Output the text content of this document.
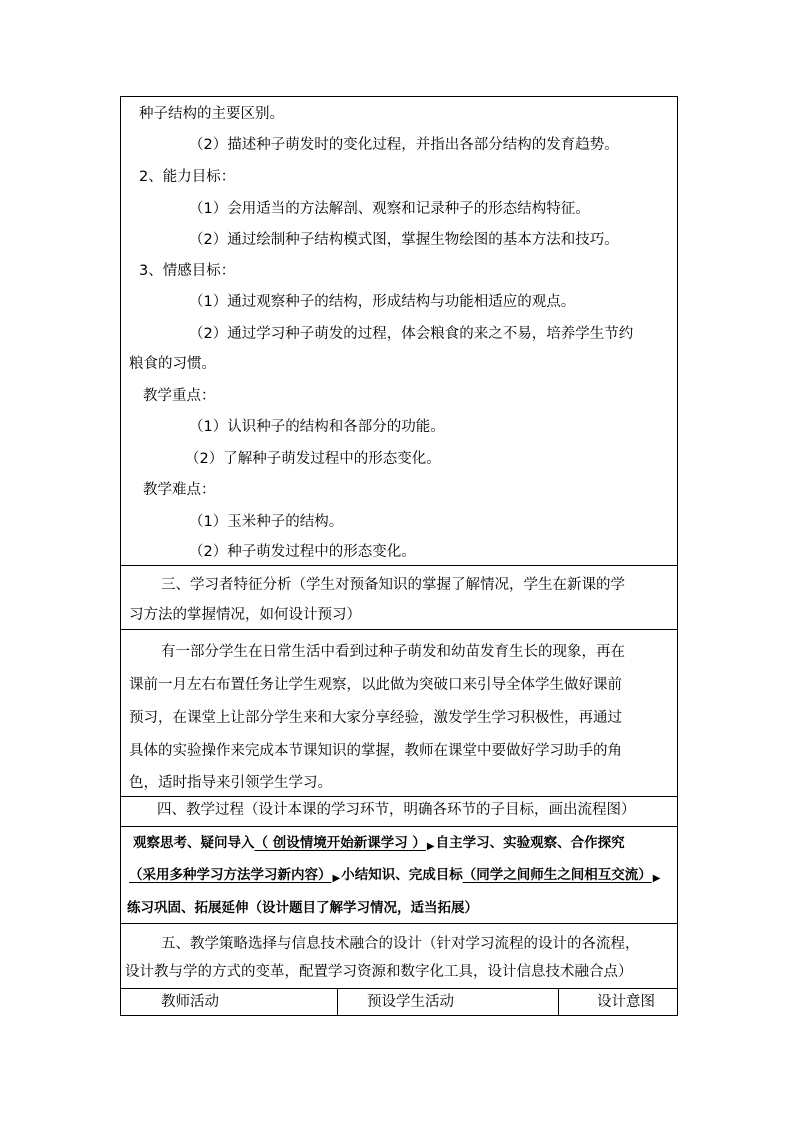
种子结构的主要区别。
（2）描述种子萌发时的变化过程，并指出各部分结构的发育趋势。
2、能力目标：
（1）会用适当的方法解剖、观察和记录种子的形态结构特征。
（2）通过绘制种子结构模式图，掌握生物绘图的基本方法和技巧。
3、情感目标：
（1）通过观察种子的结构，形成结构与功能相适应的观点。
（2）通过学习种子萌发的过程，体会粮食的来之不易，培养学生节约
粮食的习惯。
教学重点：
（1）认识种子的结构和各部分的功能。
（2）了解种子萌发过程中的形态变化。
教学难点：
（1）玉米种子的结构。
（2）种子萌发过程中的形态变化。
三、学习者特征分析（学生对预备知识的掌握了解情况，学生在新课的学
习方法的掌握情况，如何设计预习）
有一部分学生在日常生活中看到过种子萌发和幼苗发育生长的现象，再在
课前一月左右布置任务让学生观察，以此做为突破口来引导全体学生做好课前
预习，在课堂上让部分学生来和大家分享经验，激发学生学习积极性，再通过
具体的实验操作来完成本节课知识的掌握，教师在课堂中要做好学习助手的角
色，适时指导来引领学生学习。
四、教学过程（设计本课的学习环节，明确各环节的子目标，画出流程图）
观察思考、疑问导入（ 创设情境开始新课学习 ）▶自主学习、实验观察、合作探究
（采用多种学习方法学习新内容）▶小结知识、完成目标（同学之间师生之间相互交流）▶
练习巩固、拓展延伸（设计题目了解学习情况，适当拓展）
五、教学策略选择与信息技术融合的设计（针对学习流程的设计的各流程，
设计教与学的方式的变革，配置学习资源和数字化工具，设计信息技术融合点）
教师活动	预设学生活动	设计意图
